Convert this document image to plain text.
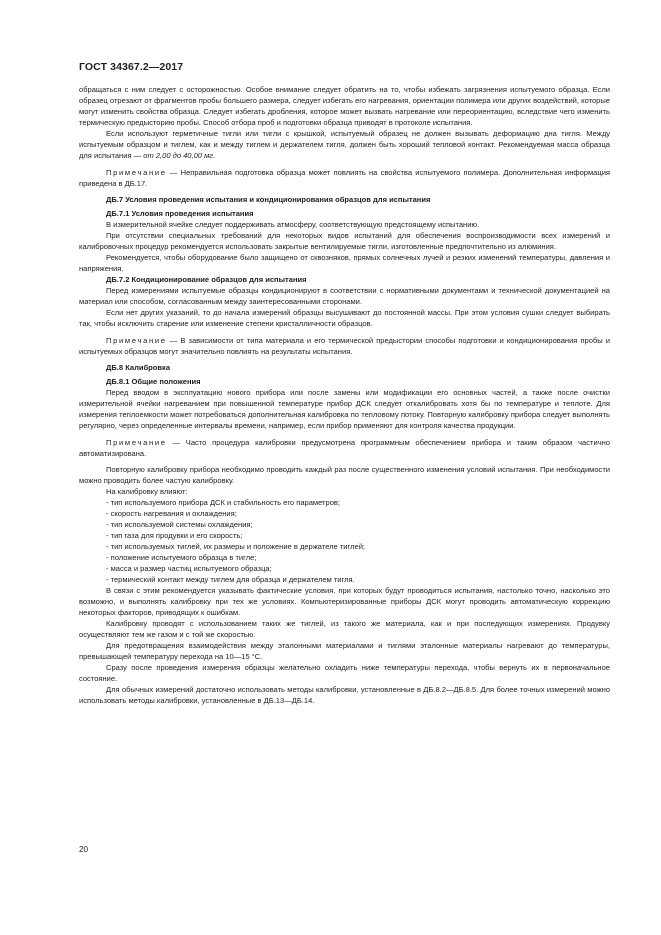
ГОСТ 34367.2—2017

обращаться с ним следует с осторожностью. Особое внимание следует обратить на то, чтобы избежать загрязнения испытуемого образца. Если образец отрезают от фрагментов пробы большего размера, следует избегать его нагревания, ориентации полимера или других воздействий, которые могут изменить свойства образца. Следует избегать дробления, которое может вызвать нагревание или переориентацию, вследствие чего изменить термическую предысторию пробы. Способ отбора проб и подготовки образца приводят в протоколе испытания.

Если используют герметичные тигли или тигли с крышкой, испытуемый образец не должен вызывать деформацию дна тигля. Между испытуемым образцом и тиглем, как и между тиглем и держателем тигля, должен быть хороший тепловой контакт. Рекомендуемая масса образца для испытания — от 2,00 до 40,00 мг.

Примечание — Неправильная подготовка образца может повлиять на свойства испытуемого полимера. Дополнительная информация приведена в ДБ.17.

ДБ.7 Условия проведения испытания и кондиционирования образцов для испытания

ДБ.7.1 Условия проведения испытания

В измерительной ячейке следует поддерживать атмосферу, соответствующую предстоящему испытанию.

При отсутствии специальных требований для некоторых видов испытаний для обеспечения воспроизводимости всех измерений и калибровочных процедур рекомендуется использовать закрытые вентилируемые тигли, изготовленные предпочтительно из алюминия.

Рекомендуется, чтобы оборудование было защищено от сквозняков, прямых солнечных лучей и резких изменений температуры, давления и напряжения.

ДБ.7.2 Кондиционирование образцов для испытания

Перед измерениями испытуемые образцы кондиционируют в соответствии с нормативными документами и технической документацией на материал или способом, согласованным между заинтересованными сторонами.

Если нет других указаний, то до начала измерений образцы высушивают до постоянной массы. При этом условия сушки следует выбирать так, чтобы исключить старение или изменение степени кристалличности образцов.

Примечание — В зависимости от типа материала и его термической предыстории способы подготовки и кондиционирования пробы и испытуемых образцов могут значительно повлиять на результаты испытания.

ДБ.8 Калибровка

ДБ.8.1 Общие положения

Перед вводом в эксплуатацию нового прибора или после замены или модификации его основных частей, а также после очистки измерительной ячейки нагреванием при повышенной температуре прибор ДСК следует откалибровать хотя бы по температуре и теплоте. Для измерения теплоемкости может потребоваться дополнительная калибровка по тепловому потоку. Повторную калибровку прибора следует выполнять регулярно, через определенные интервалы времени, например, если прибор применяют для контроля качества продукции.

Примечание — Часто процедура калибровки предусмотрена программным обеспечением прибора и таким образом частично автоматизирована.

Повторную калибровку прибора необходимо проводить каждый раз после существенного изменения условий испытания. При необходимости можно проводить более частую калибровку.

На калибровку влияют:

- тип используемого прибора ДСК и стабильность его параметров;
- скорость нагревания и охлаждения;
- тип используемой системы охлаждения;
- тип газа для продувки и его скорость;
- тип используемых тиглей, их размеры и положение в держателе тиглей;
- положение испытуемого образца в тигле;
- масса и размер частиц испытуемого образца;
- термический контакт между тиглем для образца и держателем тигля.

В связи с этим рекомендуется указывать фактические условия, при которых будут проводиться испытания, настолько точно, насколько это возможно, и выполнять калибровку при тех же условиях. Компьютеризированные приборы ДСК могут проводить автоматическую коррекцию некоторых факторов, приводящих к ошибкам.

Калибровку проводят с использованием таких же тиглей, из такого же материала, как и при последующих измерениях. Продувку осуществляют тем же газом и с той же скоростью.

Для предотвращения взаимодействия между эталонными материалами и тиглями эталонные материалы нагревают до температуры, превышающей температуру перехода на 10—15 °С.

Сразу после проведения измерения образцы желательно охладить ниже температуры перехода, чтобы вернуть их в первоначальное состояние.

Для обычных измерений достаточно использовать методы калибровки, установленные в ДБ.8.2—ДБ.8.5. Для более точных измерений можно использовать методы калибровки, установленные в ДБ.13—ДБ.14.

20
